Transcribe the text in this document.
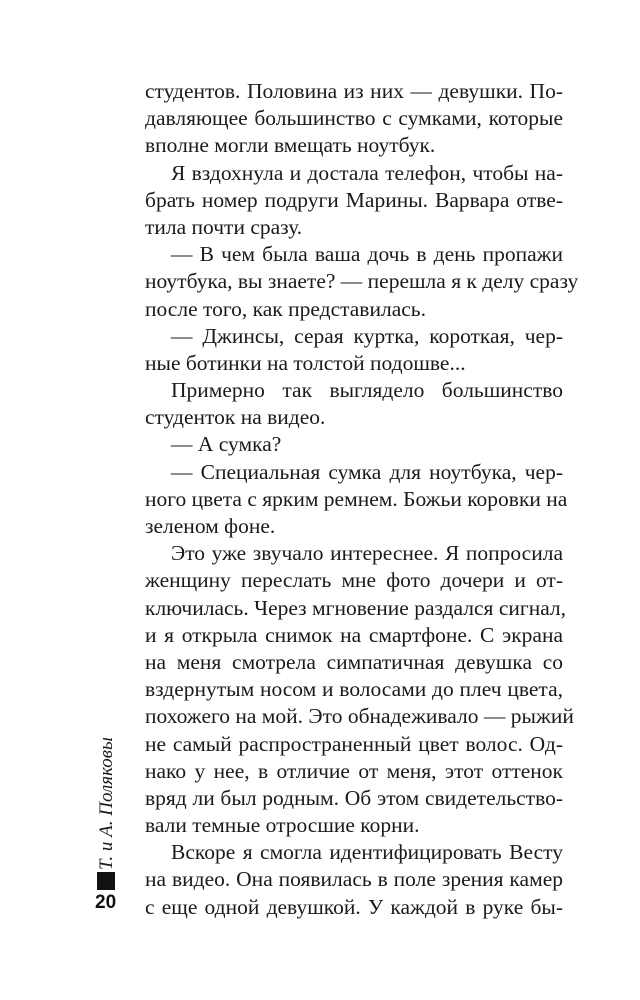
студентов. Половина из них — девушки. По-
давляющее большинство с сумками, которые
вполне могли вмещать ноутбук.
Я вздохнула и достала телефон, чтобы на-
брать номер подруги Марины. Варвара отве-
тила почти сразу.
— В чем была ваша дочь в день пропажи
ноутбука, вы знаете? — перешла я к делу сразу
после того, как представилась.
— Джинсы, серая куртка, короткая, чер-
ные ботинки на толстой подошве...
Примерно так выглядело большинство
студенток на видео.
— А сумка?
— Специальная сумка для ноутбука, чер-
ного цвета с ярким ремнем. Божьи коровки на
зеленом фоне.
Это уже звучало интереснее. Я попросила
женщину переслать мне фото дочери и от-
ключилась. Через мгновение раздался сигнал,
и я открыла снимок на смартфоне. С экрана
на меня смотрела симпатичная девушка со
вздернутым носом и волосами до плеч цвета,
похожего на мой. Это обнадеживало — рыжий
не самый распространенный цвет волос. Од-
нако у нее, в отличие от меня, этот оттенок
вряд ли был родным. Об этом свидетельство-
вали темные отросшие корни.
Вскоре я смогла идентифицировать Весту
на видео. Она появилась в поле зрения камер
с еще одной девушкой. У каждой в руке бы-
Т. и А. Поляковы
20
